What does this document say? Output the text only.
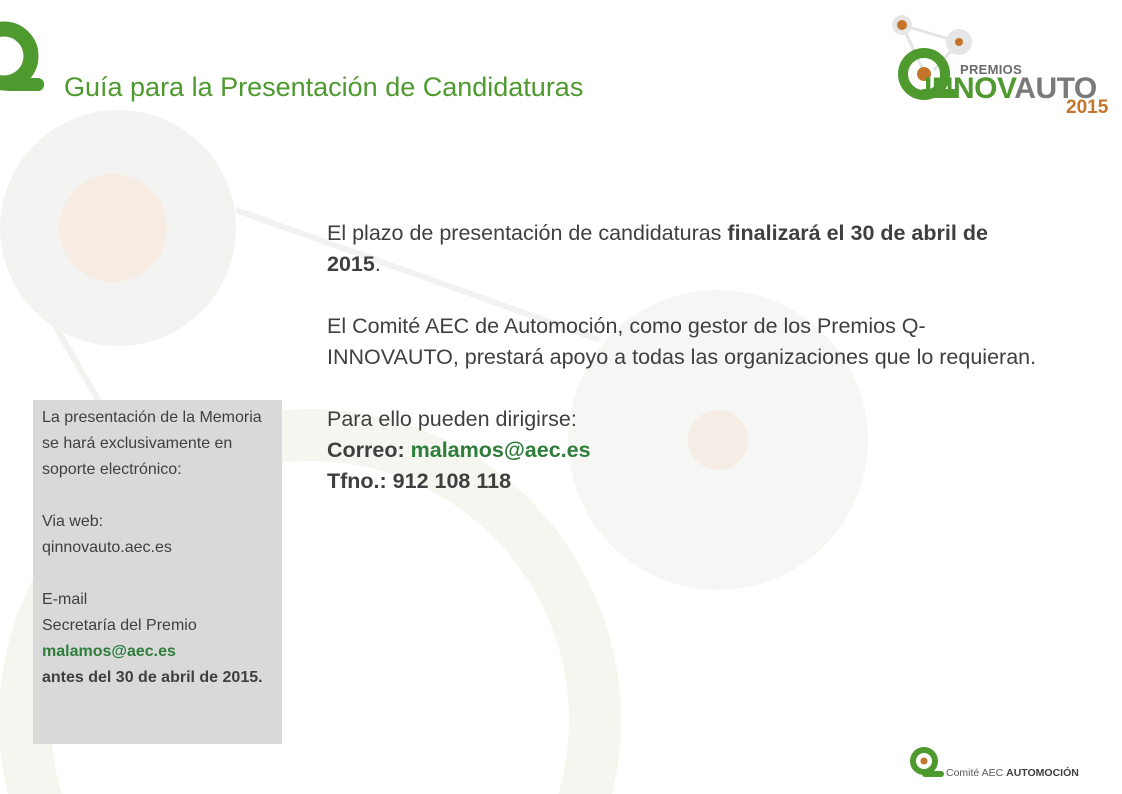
Guía para la Presentación de Candidaturas
PREMIOS
INNOVAUTO
2015

El plazo de presentación de candidaturas finalizará el 30 de abril de 2015.

El Comité AEC de Automoción, como gestor de los Premios Q-INNOVAUTO, prestará apoyo a todas las organizaciones que lo requieran.

Para ello pueden dirigirse:

Correo: malamos@aec.es

Tfno.: 912 108 118

La presentación de la Memoria se hará exclusivamente en soporte electrónico:

Via web:

qinnovauto.aec.es

E-mail

Secretaría del Premio

malamos@aec.es

antes del 30 de abril de 2015.

Comité AEC AUTOMOCIÓN
